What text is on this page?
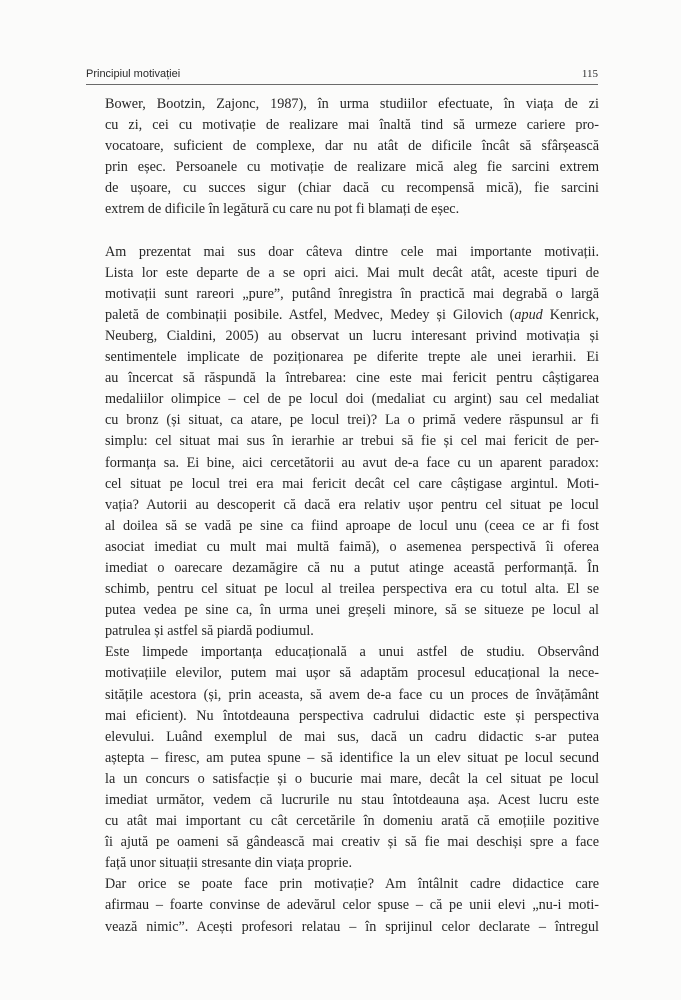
Principiul motivației	115

Bower, Bootzin, Zajonc, 1987), în urma studiilor efectuate, în viața de zi
cu zi, cei cu motivație de realizare mai înaltă tind să urmeze cariere pro-
vocatoare, suficient de complexe, dar nu atât de dificile încât să sfârșească
prin eșec. Persoanele cu motivație de realizare mică aleg fie sarcini extrem
de ușoare, cu succes sigur (chiar dacă cu recompensă mică), fie sarcini
extrem de dificile în legătură cu care nu pot fi blamați de eșec.

Am prezentat mai sus doar câteva dintre cele mai importante motivații.
Lista lor este departe de a se opri aici. Mai mult decât atât, aceste tipuri de
motivații sunt rareori „pure”, putând înregistra în practică mai degrabă o largă
paletă de combinații posibile. Astfel, Medvec, Medey și Gilovich (apud Kenrick,
Neuberg, Cialdini, 2005) au observat un lucru interesant privind motivația și
sentimentele implicate de poziționarea pe diferite trepte ale unei ierarhii. Ei
au încercat să răspundă la întrebarea: cine este mai fericit pentru câștigarea
medaliilor olimpice – cel de pe locul doi (medaliat cu argint) sau cel medaliat
cu bronz (și situat, ca atare, pe locul trei)? La o primă vedere răspunsul ar fi
simplu: cel situat mai sus în ierarhie ar trebui să fie și cel mai fericit de per-
formanța sa. Ei bine, aici cercetătorii au avut de-a face cu un aparent paradox:
cel situat pe locul trei era mai fericit decât cel care câștigase argintul. Moti-
vația? Autorii au descoperit că dacă era relativ ușor pentru cel situat pe locul
al doilea să se vadă pe sine ca fiind aproape de locul unu (ceea ce ar fi fost
asociat imediat cu mult mai multă faimă), o asemenea perspectivă îi oferea
imediat o oarecare dezamăgire că nu a putut atinge această performanță. În
schimb, pentru cel situat pe locul al treilea perspectiva era cu totul alta. El se
putea vedea pe sine ca, în urma unei greșeli minore, să se situeze pe locul al
patrulea și astfel să piardă podiumul.

Este limpede importanța educațională a unui astfel de studiu. Observând
motivațiile elevilor, putem mai ușor să adaptăm procesul educațional la nece-
sitățile acestora (și, prin aceasta, să avem de-a face cu un proces de învățământ
mai eficient). Nu întotdeauna perspectiva cadrului didactic este și perspectiva
elevului. Luând exemplul de mai sus, dacă un cadru didactic s-ar putea
aștepta – firesc, am putea spune – să identifice la un elev situat pe locul secund
la un concurs o satisfacție și o bucurie mai mare, decât la cel situat pe locul
imediat următor, vedem că lucrurile nu stau întotdeauna așa. Acest lucru este
cu atât mai important cu cât cercetările în domeniu arată că emoțiile pozitive
îi ajută pe oameni să gândească mai creativ și să fie mai deschiși spre a face
față unor situații stresante din viața proprie.

Dar orice se poate face prin motivație? Am întâlnit cadre didactice care
afirmau – foarte convinse de adevărul celor spuse – că pe unii elevi „nu-i moti-
vează nimic”. Acești profesori relatau – în sprijinul celor declarate – întregul
